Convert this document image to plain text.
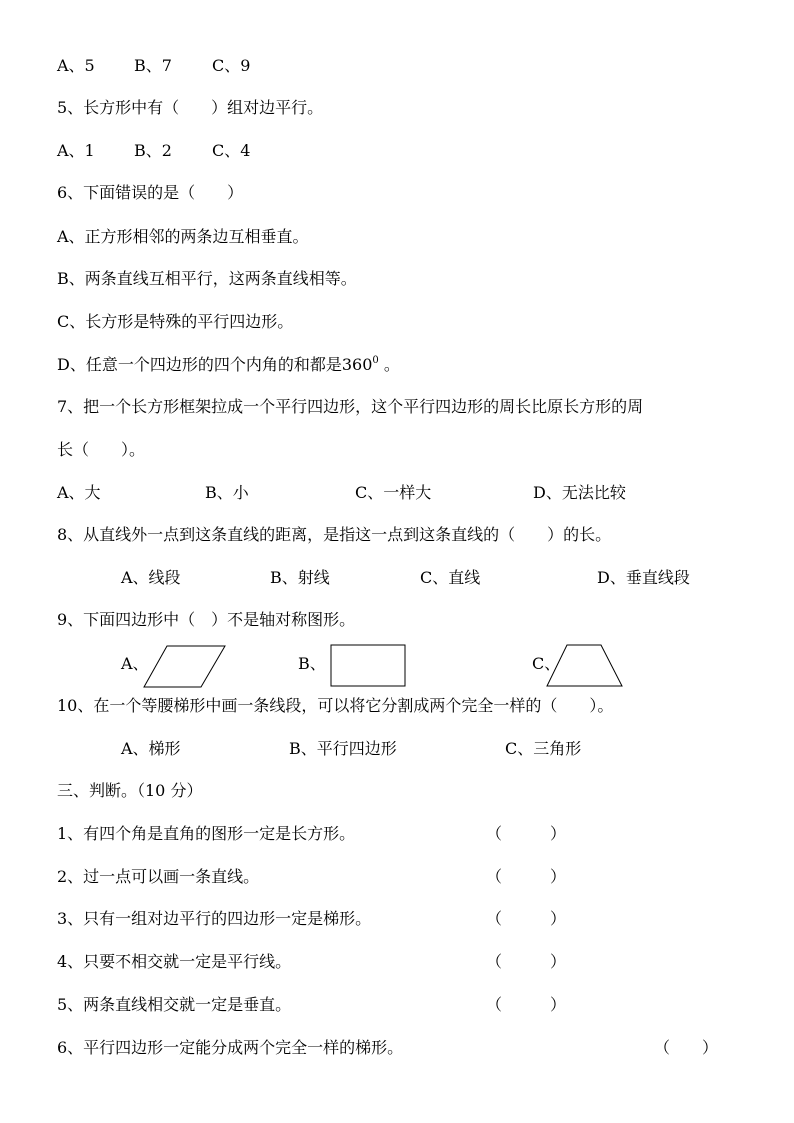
A、5 B、7	C、9
5、长方形中有（　　）组对边平行。
A、1 B、2	C、4
6、下面错误的是（　　）
A、正方形相邻的两条边互相垂直。
B、两条直线互相平行，这两条直线相等。
C、长方形是特殊的平行四边形。
D、任意一个四边形的四个内角的和都是$360^0$ 。
7、把一个长方形框架拉成一个平行四边形，这个平行四边形的周长比原长方形的周
长（　　）。
A、大	B、小	C、一样大	D、无法比较
8、从直线外一点到这条直线的距离，是指这一点到这条直线的（　　）的长。
A、线段	B、射线	C、直线	D、垂直线段
9、下面四边形中（　）不是轴对称图形。
A、	B、	C、
10、在一个等腰梯形中画一条线段，可以将它分割成两个完全一样的（　　）。
A、梯形	B、平行四边形	C、三角形
三、判断。（10 分）
1、有四个角是直角的图形一定是长方形。	（　　　）
2、过一点可以画一条直线。	（　　　）
3、只有一组对边平行的四边形一定是梯形。	（　　　）
4、只要不相交就一定是平行线。	（　　　）
5、两条直线相交就一定是垂直。	（　　　）
6、平行四边形一定能分成两个完全一样的梯形。	（　　）
